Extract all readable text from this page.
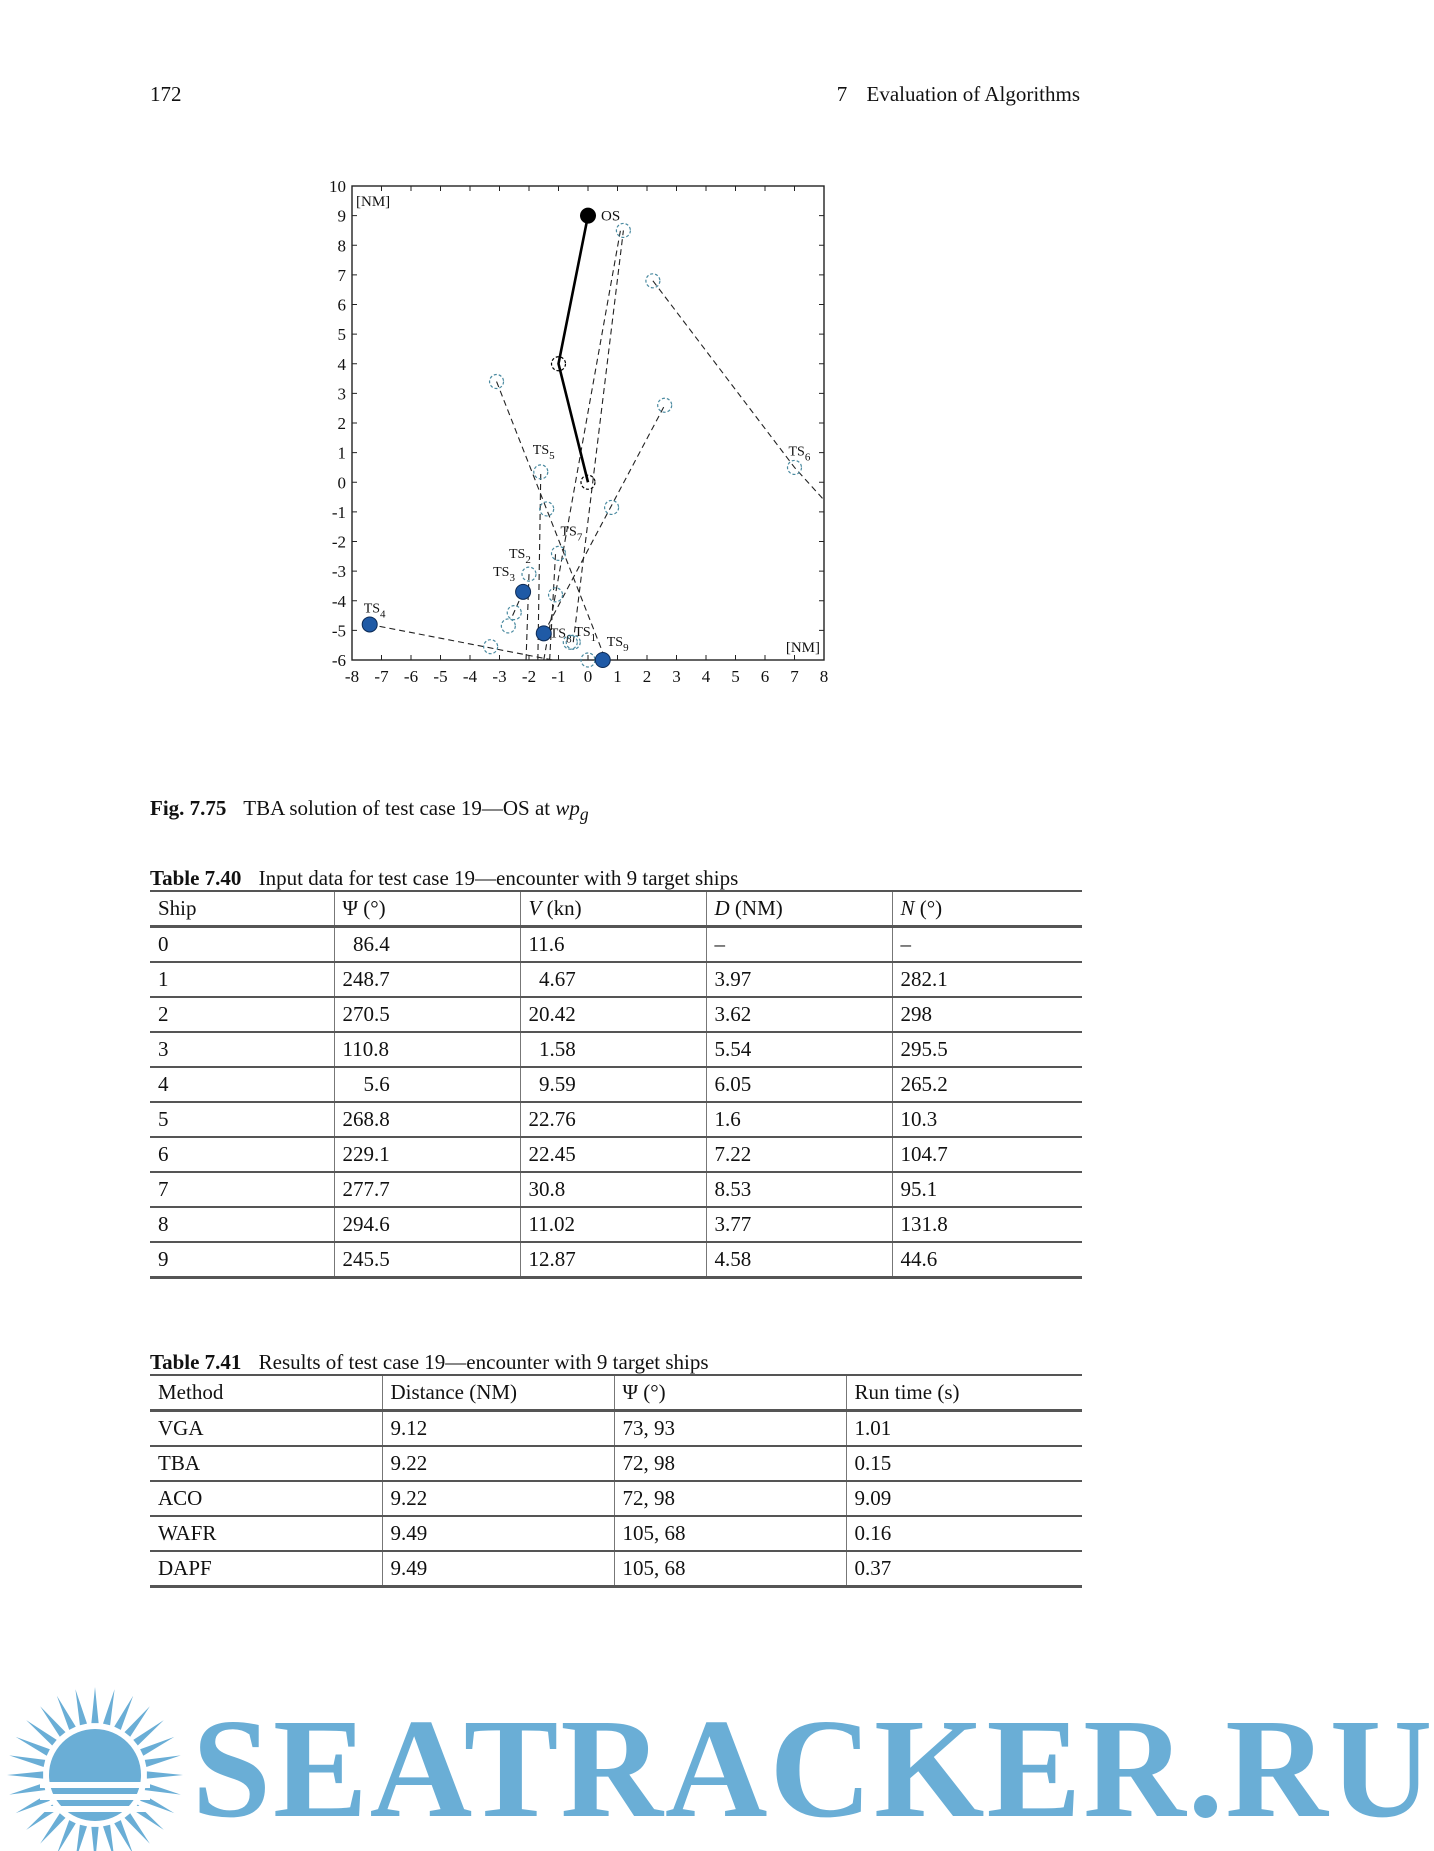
172	7 Evaluation of Algorithms
-8 -7 -6 -5 -4 -3 -2 -1 0 1 2 3 4 5 6 7 8
-6
-5
-4
-3
-2
-1
0
1
2
3
4
5
6
7
8
9
10
[NM]
[NM]
OS
$TS_1$
$TS_2$
$TS_3$
$TS_4$
$TS_5$	$TS_6$
$TS_7$
$TS_8$	$TS_9$
Fig. 7.75 TBA solution of test case 19—OS at $wp_g$
Table 7.40 Input data for test case 19—encounter with 9 target ships
Ship	Ψ (°)	V (kn)	D (NM)	N (°)
0	86.4	11.6	–	–
1	248.7	4.67	3.97	282.1
2	270.5	20.42	3.62	298
3	110.8	1.58	5.54	295.5
4	5.6	9.59	6.05	265.2
5	268.8	22.76	1.6	10.3
6	229.1	22.45	7.22	104.7
7	277.7	30.8	8.53	95.1
8	294.6	11.02	3.77	131.8
9	245.5	12.87	4.58	44.6
Table 7.41 Results of test case 19—encounter with 9 target ships
Method	Distance (NM)	Ψ (°)	Run time (s)
VGA	9.12	73, 93	1.01
TBA	9.22	72, 98	0.15
ACO	9.22	72, 98	9.09
WAFR	9.49	105, 68	0.16
DAPF	9.49	105, 68	0.37
SEATRACKER.RU
